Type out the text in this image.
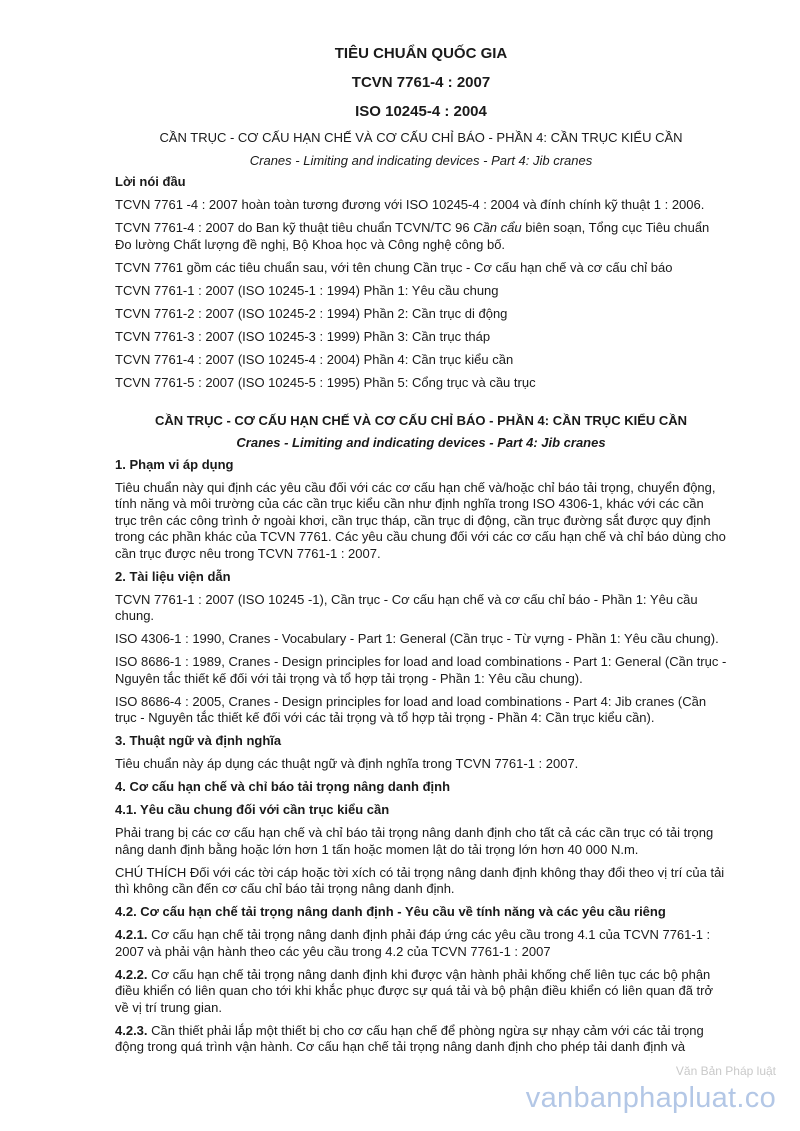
TIÊU CHUẨN QUỐC GIA
TCVN 7761-4 : 2007
ISO 10245-4 : 2004
CẦN TRỤC - CƠ CẤU HẠN CHẾ VÀ CƠ CẤU CHỈ BÁO - PHẦN 4: CẦN TRỤC KIỂU CẦN
Cranes - Limiting and indicating devices - Part 4: Jib cranes
Lời nói đầu

TCVN 7761 -4 : 2007 hoàn toàn tương đương với ISO 10245-4 : 2004 và đính chính kỹ thuật 1 : 2006.

TCVN 7761-4 : 2007 do Ban kỹ thuật tiêu chuẩn TCVN/TC 96 Cần cẩu biên soạn, Tổng cục Tiêu chuẩn Đo lường Chất lượng đề nghị, Bộ Khoa học và Công nghệ công bố.

TCVN 7761 gồm các tiêu chuẩn sau, với tên chung Cần trục - Cơ cấu hạn chế và cơ cấu chỉ báo

TCVN 7761-1 : 2007 (ISO 10245-1 : 1994) Phần 1: Yêu cầu chung

TCVN 7761-2 : 2007 (ISO 10245-2 : 1994) Phần 2: Cần trục di động

TCVN 7761-3 : 2007 (ISO 10245-3 : 1999) Phần 3: Cần trục tháp

TCVN 7761-4 : 2007 (ISO 10245-4 : 2004) Phần 4: Cần trục kiểu cần

TCVN 7761-5 : 2007 (ISO 10245-5 : 1995) Phần 5: Cổng trục và cầu trục

CẦN TRỤC - CƠ CẤU HẠN CHẾ VÀ CƠ CẤU CHỈ BÁO - PHẦN 4: CẦN TRỤC KIỂU CẦN
Cranes - Limiting and indicating devices - Part 4: Jib cranes
1. Phạm vi áp dụng

Tiêu chuẩn này qui định các yêu cầu đối với các cơ cấu hạn chế và/hoặc chỉ báo tải trọng, chuyển động, tính năng và môi trường của các cần trục kiểu cần như định nghĩa trong ISO 4306-1, khác với các cần trục trên các công trình ở ngoài khơi, cần trục tháp, cần trục di động, cần trục đường sắt được quy định trong các phần khác của TCVN 7761. Các yêu cầu chung đối với các cơ cấu hạn chế và chỉ báo dùng cho cần trục được nêu trong TCVN 7761-1 : 2007.

2. Tài liệu viện dẫn

TCVN 7761-1 : 2007 (ISO 10245 -1), Cần trục - Cơ cấu hạn chế và cơ cấu chỉ báo - Phần 1: Yêu cầu chung.

ISO 4306-1 : 1990, Cranes - Vocabulary - Part 1: General (Cần trục - Từ vựng - Phần 1: Yêu cầu chung).

ISO 8686-1 : 1989, Cranes - Design principles for load and load combinations - Part 1: General (Cần trục - Nguyên tắc thiết kế đối với tải trọng và tổ hợp tải trọng - Phần 1: Yêu cầu chung).

ISO 8686-4 : 2005, Cranes - Design principles for load and load combinations - Part 4: Jib cranes (Cần trục - Nguyên tắc thiết kế đối với các tải trọng và tổ hợp tải trọng - Phần 4: Cần trục kiểu cần).

3. Thuật ngữ và định nghĩa

Tiêu chuẩn này áp dụng các thuật ngữ và định nghĩa trong TCVN 7761-1 : 2007.

4. Cơ cấu hạn chế và chỉ báo tải trọng nâng danh định
4.1. Yêu cầu chung đối với cần trục kiểu cần

Phải trang bị các cơ cấu hạn chế và chỉ báo tải trọng nâng danh định cho tất cả các cần trục có tải trọng nâng danh định bằng hoặc lớn hơn 1 tấn hoặc momen lật do tải trọng lớn hơn 40 000 N.m.

CHÚ THÍCH Đối với các tời cáp hoặc tời xích có tải trọng nâng danh định không thay đổi theo vị trí của tải thì không cần đến cơ cấu chỉ báo tải trọng nâng danh định.

4.2. Cơ cấu hạn chế tải trọng nâng danh định - Yêu cầu về tính năng và các yêu cầu riêng

4.2.1. Cơ cấu hạn chế tải trọng nâng danh định phải đáp ứng các yêu cầu trong 4.1 của TCVN 7761-1 : 2007 và phải vận hành theo các yêu cầu trong 4.2 của TCVN 7761-1 : 2007

4.2.2. Cơ cấu hạn chế tải trọng nâng danh định khi được vận hành phải khống chế liên tục các bộ phận điều khiển có liên quan cho tới khi khắc phục được sự quá tải và bộ phận điều khiển có liên quan đã trở về vị trí trung gian.

4.2.3. Cần thiết phải lắp một thiết bị cho cơ cấu hạn chế để phòng ngừa sự nhạy cảm với các tải trọng động trong quá trình vận hành. Cơ cấu hạn chế tải trọng nâng danh định cho phép tải danh định và

Văn Bản Pháp luật
vanbanphapluat.co
